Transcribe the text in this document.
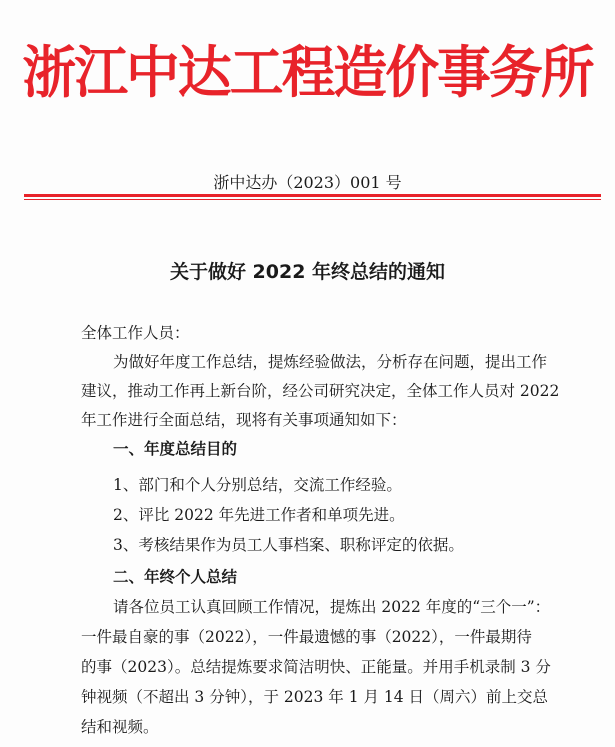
浙江中达工程造价事务所
浙中达办（2023）001 号
关于做好 2022 年终总结的通知
全体工作人员：
为做好年度工作总结，提炼经验做法，分析存在问题，提出工作
建议，推动工作再上新台阶，经公司研究决定，全体工作人员对 2022
年工作进行全面总结，现将有关事项通知如下：
一、年度总结目的
1、部门和个人分别总结，交流工作经验。
2、评比 2022 年先进工作者和单项先进。
3、考核结果作为员工人事档案、职称评定的依据。
二、年终个人总结
请各位员工认真回顾工作情况，提炼出 2022 年度的“三个一”：
一件最自豪的事（2022），一件最遗憾的事（2022），一件最期待
的事（2023）。总结提炼要求简洁明快、正能量。并用手机录制 3 分
钟视频（不超出 3 分钟），于 2023 年 1 月 14 日（周六）前上交总
结和视频。
